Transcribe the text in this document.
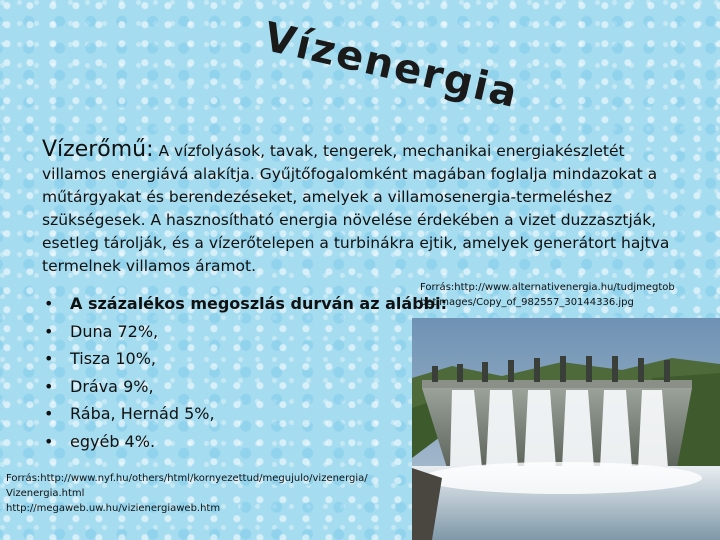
Vízenergia
Vízerőmű: A vízfolyások, tavak, tengerek, mechanikai energiakészletét villamos energiává alakítja. Gyűjtőfogalomként magában foglalja mindazokat a műtárgyakat és berendezéseket, amelyek a villamosenergia-termeléshez szükségesek. A hasznosítható energia növelése érdekében a vizet duzzasztják, esetleg tárolják, és a vízerőtelepen a turbinákra ejtik, amelyek generátort hajtva termelnek villamos áramot.
•	A százalékos megoszlás durván az alábbi:
•	Duna 72%,
•	Tisza 10%,
•	Dráva 9%,
•	Rába, Hernád 5%,
•	egyéb 4%.
Forrás:http://www.alternativenergia.hu/tudjmegtob
betimages/Copy_of_982557_30144336.jpg
Forrás:http://www.nyf.hu/others/html/kornyezettud/megujulo/vizenergia/
Vizenergia.html
http://megaweb.uw.hu/vizienergiaweb.htm
